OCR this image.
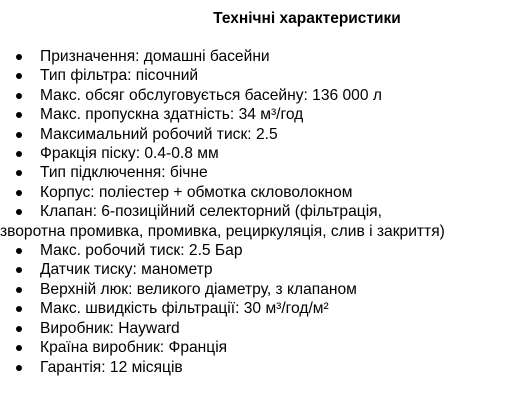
Технічні характеристики
Призначення: домашні басейни
Тип фільтра: пісочний
Макс. обсяг обслуговується басейну: 136 000 л
Макс. пропускна здатність: 34 м³/год
Максимальний робочий тиск: 2.5
Фракція піску: 0.4-0.8 мм
Тип підключення: бічне
Корпус: поліестер + обмотка скловолокном
Клапан: 6-позиційний селекторний (фільтрація,
зворотна промивка, промивка, рециркуляція, слив і закриття)
Макс. робочий тиск: 2.5 Бар
Датчик тиску: манометр
Верхній люк: великого діаметру, з клапаном
Макс. швидкість фільтрації: 30 м³/год/м²
Виробник: Hayward
Країна виробник: Франція
Гарантія: 12 місяців
